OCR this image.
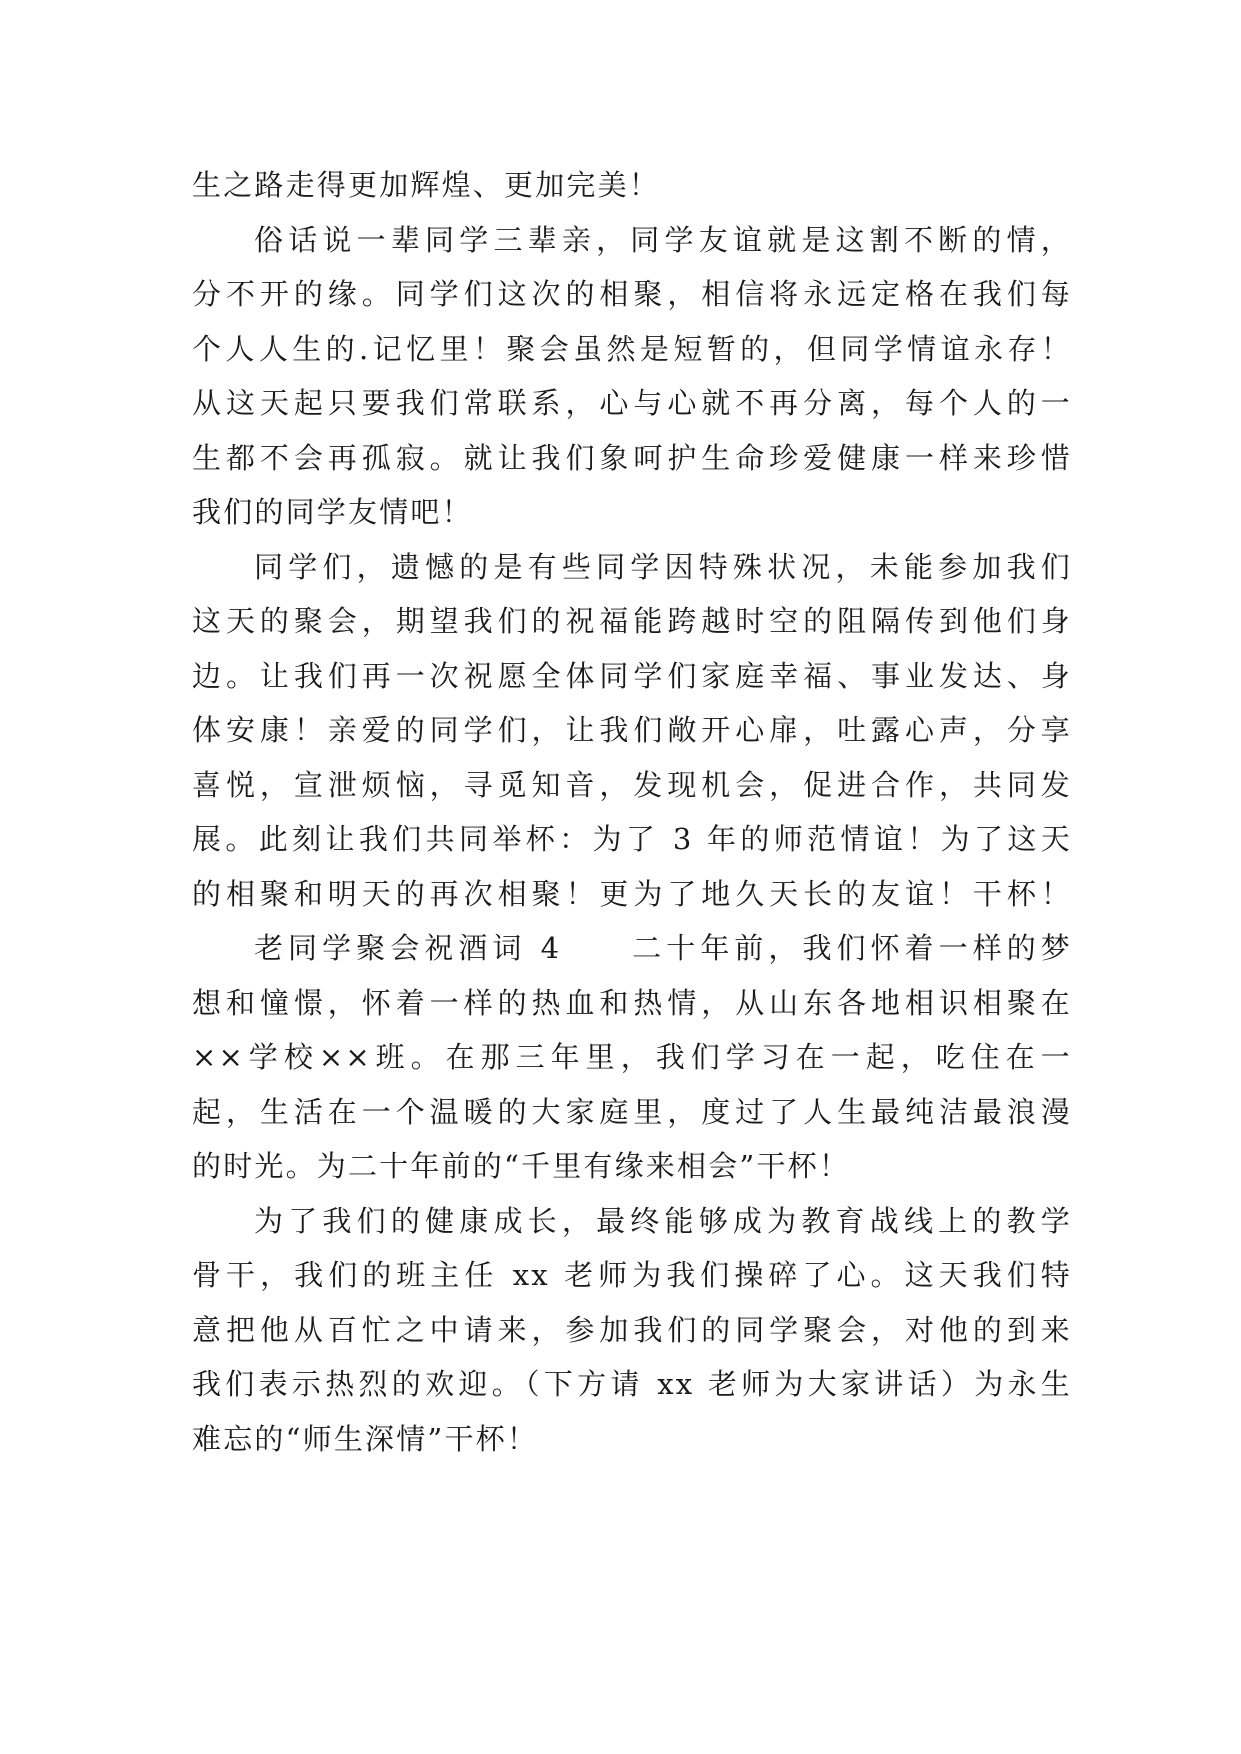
生之路走得更加辉煌、更加完美！
俗话说一辈同学三辈亲，同学友谊就是这割不断的情，
分不开的缘。同学们这次的相聚，相信将永远定格在我们每
个人人生的.记忆里！聚会虽然是短暂的，但同学情谊永存！
从这天起只要我们常联系，心与心就不再分离，每个人的一
生都不会再孤寂。就让我们象呵护生命珍爱健康一样来珍惜
我们的同学友情吧！
同学们，遗憾的是有些同学因特殊状况，未能参加我们
这天的聚会，期望我们的祝福能跨越时空的阻隔传到他们身
边。让我们再一次祝愿全体同学们家庭幸福、事业发达、身
体安康！亲爱的同学们，让我们敞开心扉，吐露心声，分享
喜悦，宣泄烦恼，寻觅知音，发现机会，促进合作，共同发
展。此刻让我们共同举杯：为了 3 年的师范情谊！为了这天
的相聚和明天的再次相聚！更为了地久天长的友谊！干杯！
老同学聚会祝酒词 4　　二十年前，我们怀着一样的梦
想和憧憬，怀着一样的热血和热情，从山东各地相识相聚在
××学校××班。在那三年里，我们学习在一起，吃住在一
起，生活在一个温暖的大家庭里，度过了人生最纯洁最浪漫
的时光。为二十年前的“千里有缘来相会”干杯！
为了我们的健康成长，最终能够成为教育战线上的教学
骨干，我们的班主任 xx 老师为我们操碎了心。这天我们特
意把他从百忙之中请来，参加我们的同学聚会，对他的到来
我们表示热烈的欢迎。（下方请 xx 老师为大家讲话）为永生
难忘的“师生深情”干杯！
